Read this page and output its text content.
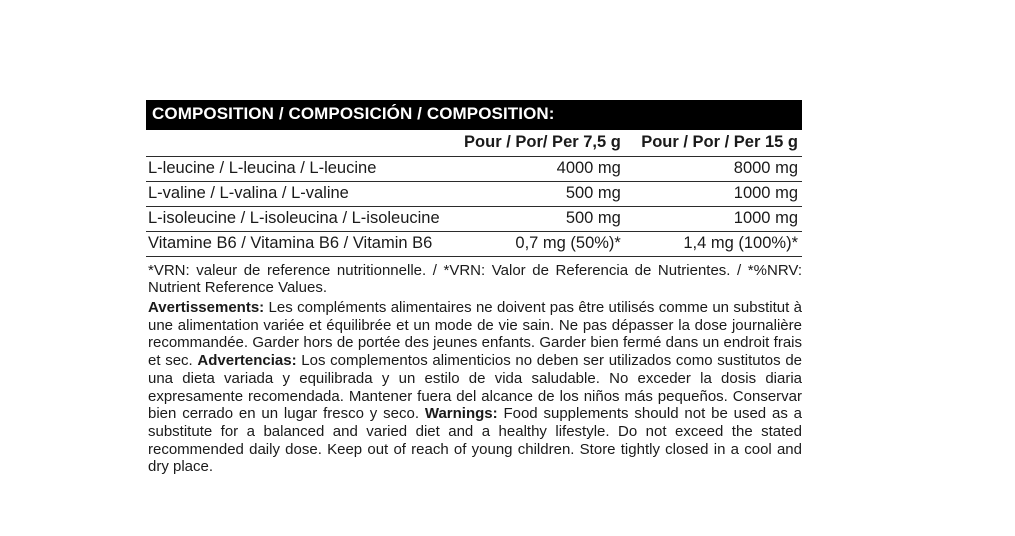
COMPOSITION / COMPOSICIÓN / COMPOSITION:
	Pour / Por/ Per 7,5 g	Pour / Por / Per 15 g
L-leucine / L-leucina / L-leucine	4000 mg	8000 mg
L-valine / L-valina / L-valine	500 mg	1000 mg
L-isoleucine / L-isoleucina / L-isoleucine	500 mg	1000 mg
Vitamine B6 / Vitamina B6 / Vitamin B6	0,7 mg (50%)*	1,4 mg (100%)*

*VRN: valeur de reference nutritionnelle. / *VRN: Valor de Referencia de Nutrientes. / *%NRV: Nutrient Reference Values.

Avertissements: Les compléments alimentaires ne doivent pas être utilisés comme un substitut à une alimentation variée et équilibrée et un mode de vie sain. Ne pas dépasser la dose journalière recommandée. Garder hors de portée des jeunes enfants. Garder bien fermé dans un endroit frais et sec. Advertencias: Los complementos alimenticios no deben ser utilizados como sustitutos de una dieta variada y equilibrada y un estilo de vida saludable. No exceder la dosis diaria expresamente recomendada. Mantener fuera del alcance de los niños más pequeños. Conservar bien cerrado en un lugar fresco y seco. Warnings: Food supplements should not be used as a substitute for a balanced and varied diet and a healthy lifestyle. Do not exceed the stated recommended daily dose. Keep out of reach of young children. Store tightly closed in a cool and dry place.
